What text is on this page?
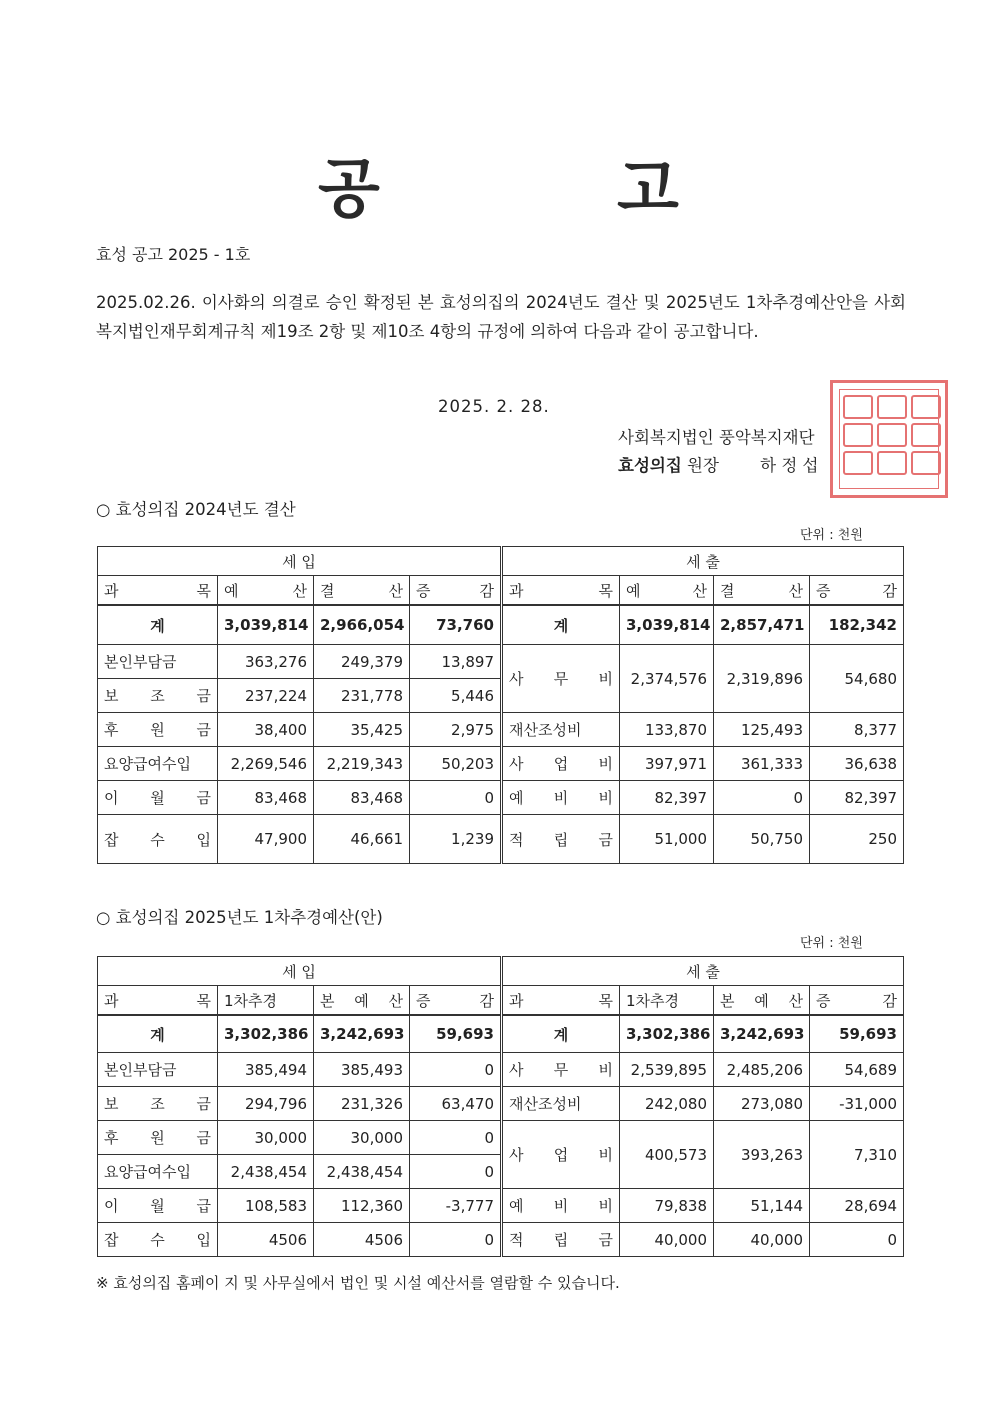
공	고
효성 공고 2025 - 1호
2025.02.26. 이사화의 의결로 승인 확정된 본 효성의집의 2024년도 결산 및 2025년도 1차추경예산안을 사회복지법인재무회계규칙 제19조 2항 및 제10조 4항의 규정에 의하여 다음과 같이 공고합니다.
2025. 2. 28.
사회복지법인 풍악복지재단
효성의집 원장	하 정 섭
○ 효성의집 2024년도 결산
단위 : 천원
세 입				세 출			
과 목	예 산	결 산	증 감	과 목	예 산	결 산	증 감
계	3,039,814	2,966,054	73,760	계	3,039,814	2,857,471	182,342
본인부담금	363,276	249,379	13,897	사 무 비	2,374,576	2,319,896	54,680
보 조 금	237,224	231,778	5,446				
후 원 금	38,400	35,425	2,975	재산조성비	133,870	125,493	8,377
요양급여수입	2,269,546	2,219,343	50,203	사 업 비	397,971	361,333	36,638
이 월 금	83,468	83,468	0	예 비 비	82,397	0	82,397
잡 수 입	47,900	46,661	1,239	적 립 금	51,000	50,750	250
○ 효성의집 2025년도 1차추경예산(안)
단위 : 천원
세 입				세 출			
과 목	1차추경	본 예 산	증 감	과 목	1차추경	본 예 산	증 감
계	3,302,386	3,242,693	59,693	계	3,302,386	3,242,693	59,693
본인부담금	385,494	385,493	0	사 무 비	2,539,895	2,485,206	54,689
보 조 금	294,796	231,326	63,470	재산조성비	242,080	273,080	-31,000
후 원 금	30,000	30,000	0	사 업 비	400,573	393,263	7,310
요양급여수입	2,438,454	2,438,454	0				
이 월 급	108,583	112,360	-3,777	예 비 비	79,838	51,144	28,694
잡 수 입	4506	4506	0	적 립 금	40,000	40,000	0
※ 효성의집 홈페이 지 및 사무실에서 법인 및 시설 예산서를 열람할 수 있습니다.
